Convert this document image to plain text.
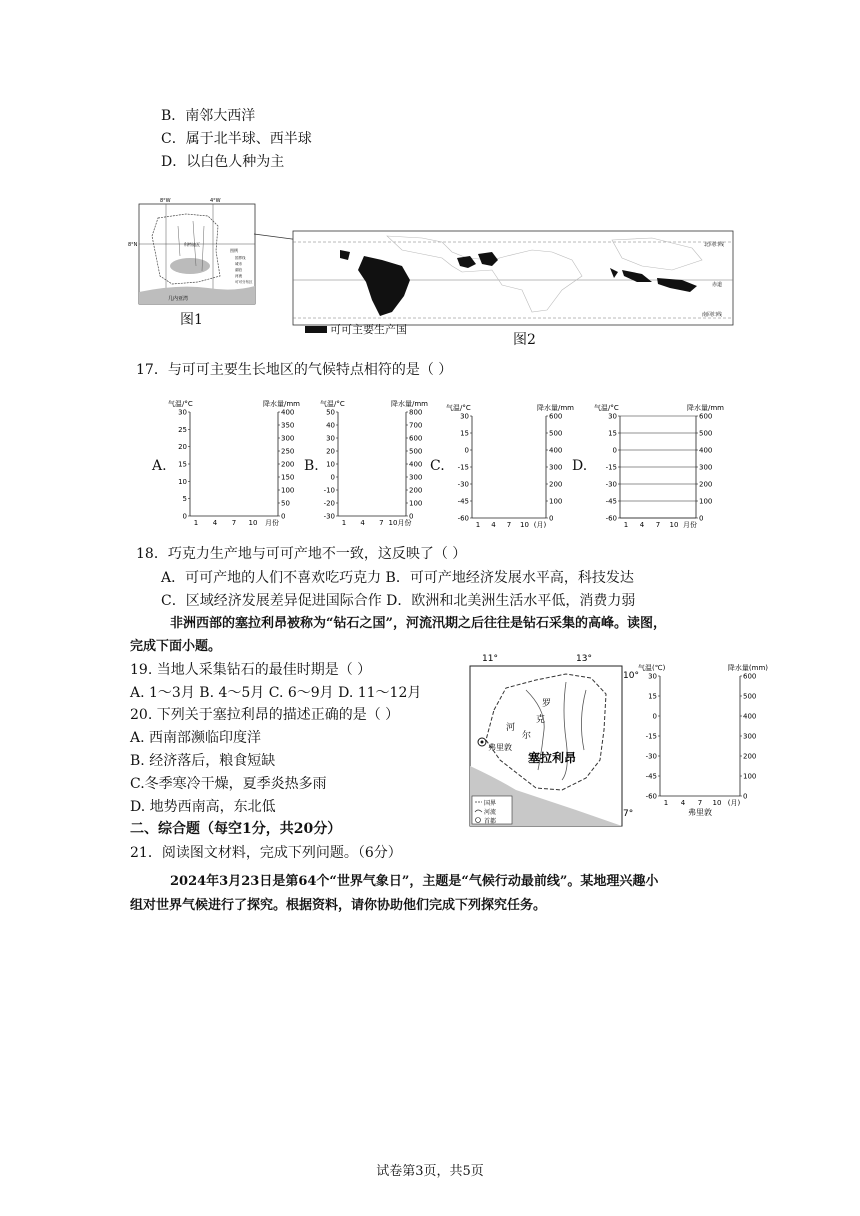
B．南邻大西洋
C．属于北半球、西半球
D．以白色人种为主
8°W	4°W
8°N
几内亚湾
科特迪瓦
图例
国界线
城市
湖泊
河流
可可分布区
图1
北回归线
赤道
南回归线
可可主要生产国
图2
17．与可可主要生长地区的气候特点相符的是（ ）
A.	B.	C.	D.
气温/°C	降水量/mm
30
25
20
15
10
5
0
400
350
300
250
200
150
100
50
0
1 4 7 10 月份
气温/°C	降水量/mm
50
40
30
20
10
0
-10
-20
-30
800
700
600
500
400
300
200
100
0
1 4 7 10月份
气温/°C	降水量/mm
30
15
0
-15
-30
-45
-60
600
500
400
300
200
100
0
1 4 7 10 (月)
气温/°C	降水量/mm
30
15
0
-15
-30
-45
-60
600
500
400
300
200
100
0
1 4 7 10 月份
18．巧克力生产地与可可产地不一致，这反映了（ ）
A．可可产地的人们不喜欢吃巧克力 B．可可产地经济发展水平高，科技发达
C．区域经济发展差异促进国际合作 D．欧洲和北美洲生活水平低，消费力弱
非洲西部的塞拉利昂被称为“钻石之国”，河流汛期之后往往是钻石采集的高峰。读图，
完成下面小题。
19. 当地人采集钻石的最佳时期是（ ）
A. 1～3月 B. 4～5月 C. 6～9月 D. 11～12月
20. 下列关于塞拉利昂的描述正确的是（ ）
A. 西南部濒临印度洋
B. 经济落后，粮食短缺
C.冬季寒冷干燥，夏季炎热多雨
D. 地势西南高，东北低
二、综合题（每空1分，共20分）
11°	13°
10°
7°
罗
克
尔
河
塞拉利昂
弗里敦
国界
河流
首都
气温(℃)	降水量(mm)
30
15
0
-15
-30
-45
-60
600
500
400
300
200
100
0
1 4 7 10 (月)
弗里敦
21．阅读图文材料，完成下列问题。（6分）
2024年3月23日是第64个“世界气象日”，主题是“气候行动最前线”。某地理兴趣小
组对世界气候进行了探究。根据资料，请你协助他们完成下列探究任务。
试卷第3页，共5页
